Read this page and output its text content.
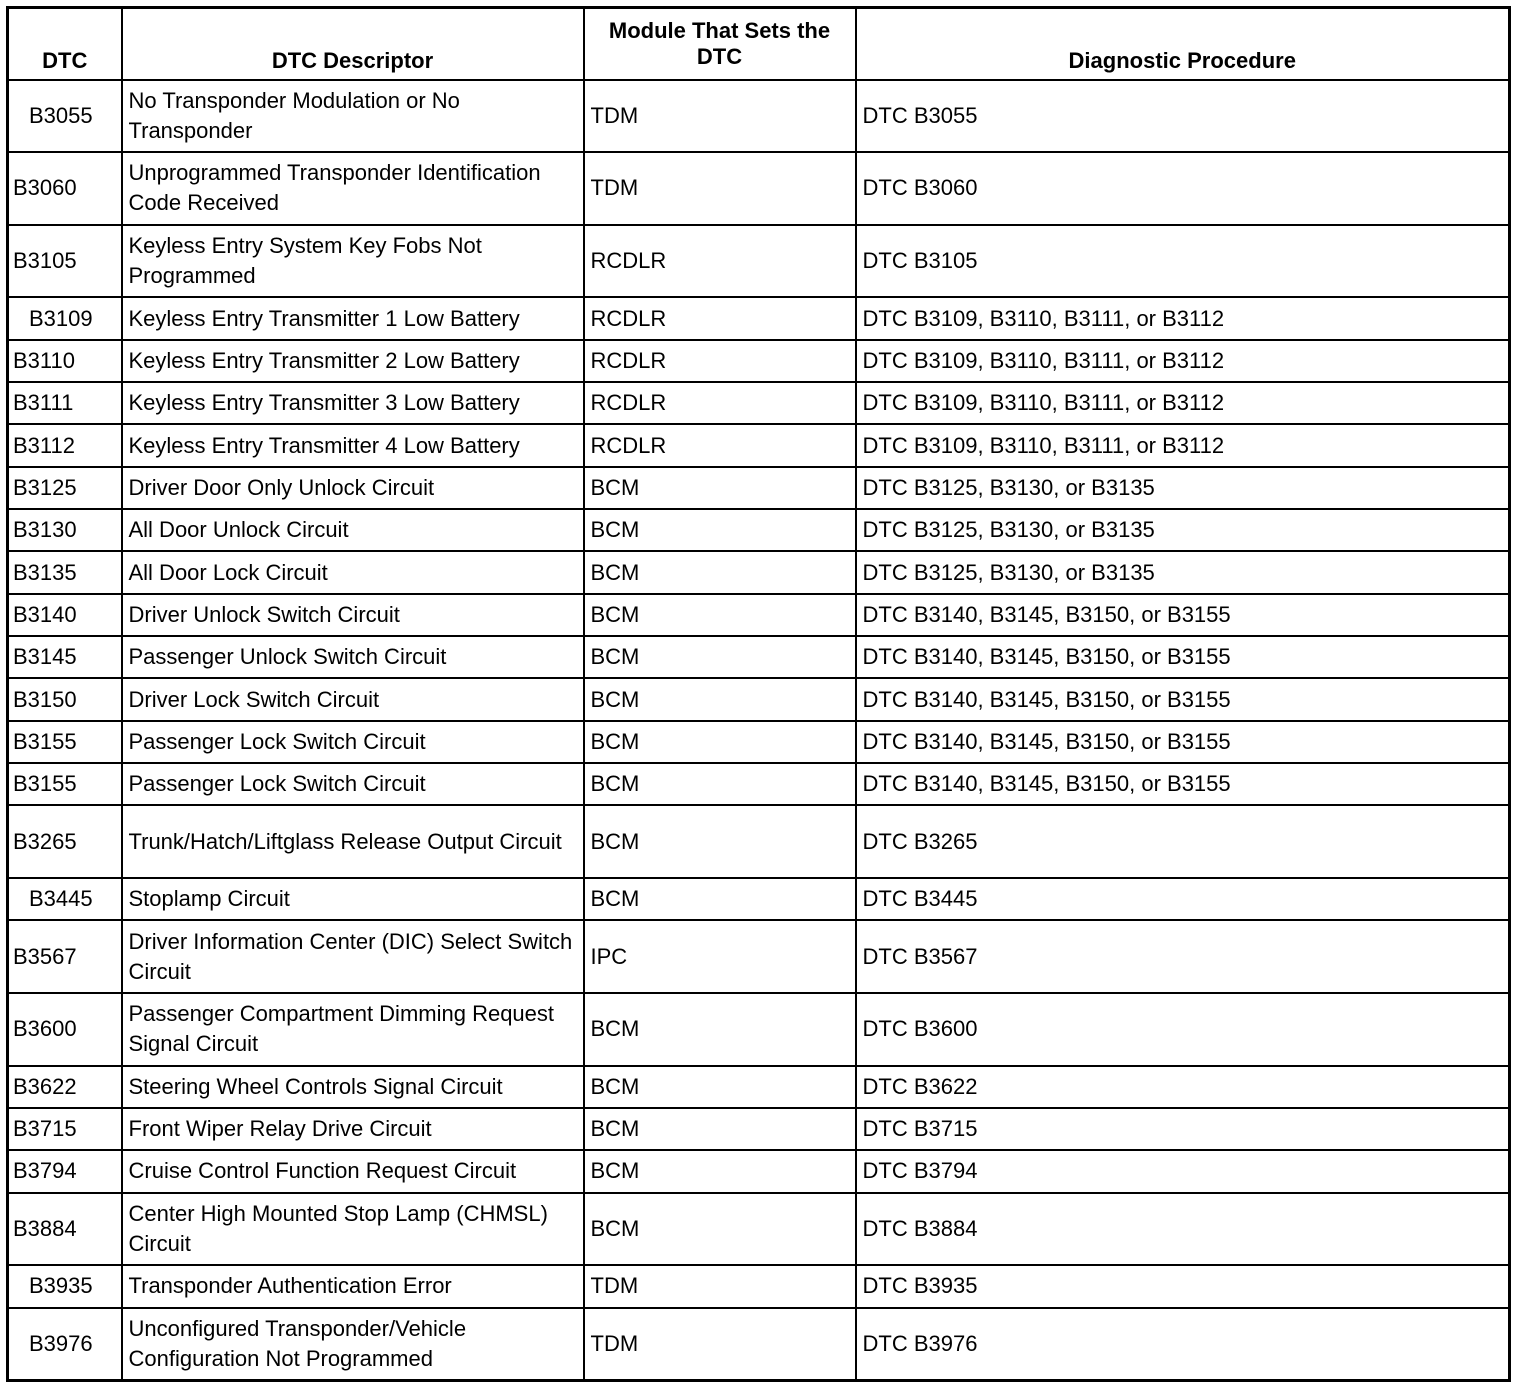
DTC	DTC Descriptor	Module That Sets the DTC	Diagnostic Procedure
B3055	No Transponder Modulation or No Transponder	TDM	DTC B3055
B3060	Unprogrammed Transponder Identification Code Received	TDM	DTC B3060
B3105	Keyless Entry System Key Fobs Not Programmed	RCDLR	DTC B3105
B3109	Keyless Entry Transmitter 1 Low Battery	RCDLR	DTC B3109, B3110, B3111, or B3112
B3110	Keyless Entry Transmitter 2 Low Battery	RCDLR	DTC B3109, B3110, B3111, or B3112
B3111	Keyless Entry Transmitter 3 Low Battery	RCDLR	DTC B3109, B3110, B3111, or B3112
B3112	Keyless Entry Transmitter 4 Low Battery	RCDLR	DTC B3109, B3110, B3111, or B3112
B3125	Driver Door Only Unlock Circuit	BCM	DTC B3125, B3130, or B3135
B3130	All Door Unlock Circuit	BCM	DTC B3125, B3130, or B3135
B3135	All Door Lock Circuit	BCM	DTC B3125, B3130, or B3135
B3140	Driver Unlock Switch Circuit	BCM	DTC B3140, B3145, B3150, or B3155
B3145	Passenger Unlock Switch Circuit	BCM	DTC B3140, B3145, B3150, or B3155
B3150	Driver Lock Switch Circuit	BCM	DTC B3140, B3145, B3150, or B3155
B3155	Passenger Lock Switch Circuit	BCM	DTC B3140, B3145, B3150, or B3155
B3155	Passenger Lock Switch Circuit	BCM	DTC B3140, B3145, B3150, or B3155
B3265	Trunk/Hatch/Liftglass Release Output Circuit	BCM	DTC B3265
B3445	Stoplamp Circuit	BCM	DTC B3445
B3567	Driver Information Center (DIC) Select Switch Circuit	IPC	DTC B3567
B3600	Passenger Compartment Dimming Request Signal Circuit	BCM	DTC B3600
B3622	Steering Wheel Controls Signal Circuit	BCM	DTC B3622
B3715	Front Wiper Relay Drive Circuit	BCM	DTC B3715
B3794	Cruise Control Function Request Circuit	BCM	DTC B3794
B3884	Center High Mounted Stop Lamp (CHMSL) Circuit	BCM	DTC B3884
B3935	Transponder Authentication Error	TDM	DTC B3935
B3976	Unconfigured Transponder/Vehicle Configuration Not Programmed	TDM	DTC B3976
